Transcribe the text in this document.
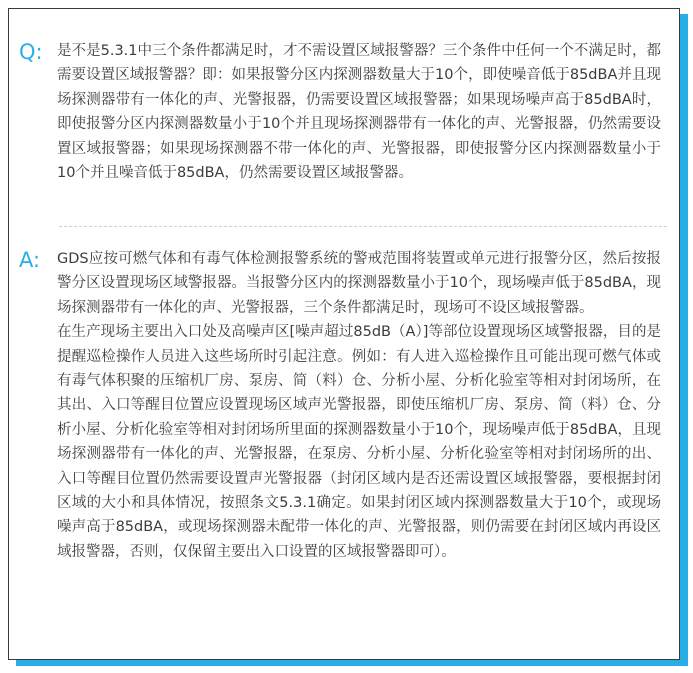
Q: 是不是5.3.1中三个条件都满足时，才不需设置区域报警器？三个条件中任何一个不满足时，都需要设置区域报警器？即：如果报警分区内探测器数量大于10个，即使噪音低于85dBA并且现场探测器带有一体化的声、光警报器，仍需要设置区域报警器；如果现场噪声高于85dBA时，即使报警分区内探测器数量小于10个并且现场探测器带有一体化的声、光警报器，仍然需要设置区域报警器；如果现场探测器不带一体化的声、光警报器，即使报警分区内探测器数量小于10个并且噪音低于85dBA，仍然需要设置区域报警器。

A: GDS应按可燃气体和有毒气体检测报警系统的警戒范围将装置或单元进行报警分区，然后按报警分区设置现场区域警报器。当报警分区内的探测器数量小于10个，现场噪声低于85dBA，现场探测器带有一体化的声、光警报器，三个条件都满足时，现场可不设区域报警器。

在生产现场主要出入口处及高噪声区[噪声超过85dB（A）]等部位设置现场区域警报器，目的是提醒巡检操作人员进入这些场所时引起注意。例如：有人进入巡检操作且可能出现可燃气体或有毒气体积聚的压缩机厂房、泵房、简（料）仓、分析小屋、分析化验室等相对封闭场所，在其出、入口等醒目位置应设置现场区域声光警报器，即使压缩机厂房、泵房、简（料）仓、分析小屋、分析化验室等相对封闭场所里面的探测器数量小于10个，现场噪声低于85dBA，且现场探测器带有一体化的声、光警报器，在泵房、分析小屋、分析化验室等相对封闭场所的出、入口等醒目位置仍然需要设置声光警报器（封闭区域内是否还需设置区域报警器，要根据封闭区域的大小和具体情况，按照条文5.3.1确定。如果封闭区域内探测器数量大于10个，或现场噪声高于85dBA，或现场探测器未配带一体化的声、光警报器，则仍需要在封闭区域内再设区域报警器，否则，仅保留主要出入口设置的区域报警器即可）。
